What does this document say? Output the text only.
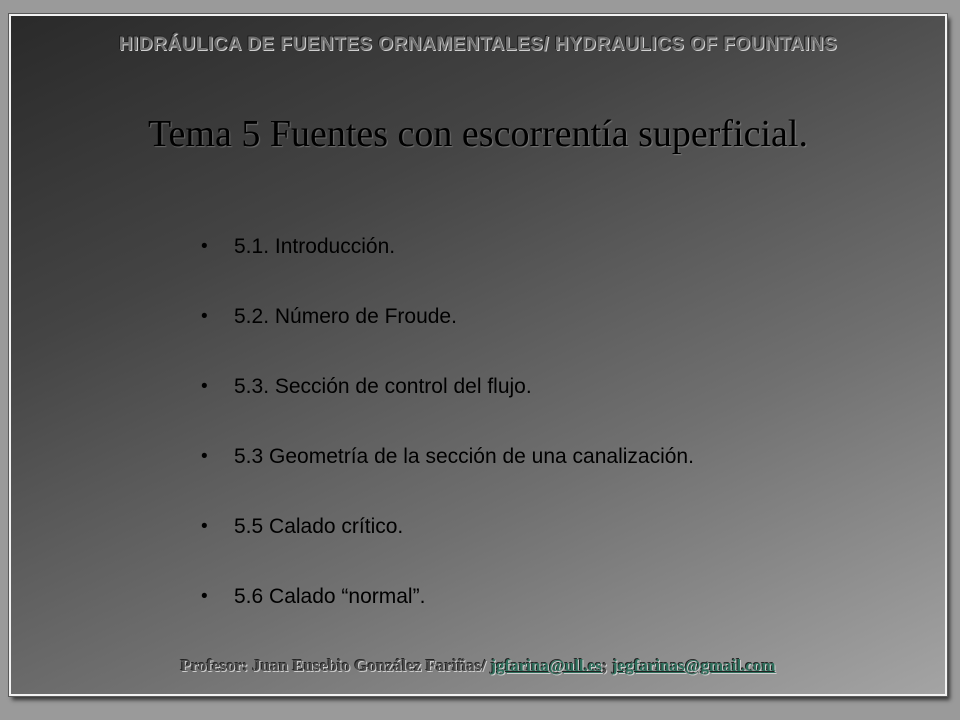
HIDRÁULICA DE FUENTES ORNAMENTALES/ HYDRAULICS OF FOUNTAINS
Tema 5 Fuentes con escorrentía superficial.
•	5.1. Introducción.
•	5.2. Número de Froude.
•	5.3. Sección de control del flujo.
•	5.3 Geometría de la sección de una canalización.
•	5.5 Calado crítico.
•	5.6 Calado “normal”.
Profesor: Juan Eusebio González Fariñas/ jgfarina@ull.es; jegfarinas@gmail.com
